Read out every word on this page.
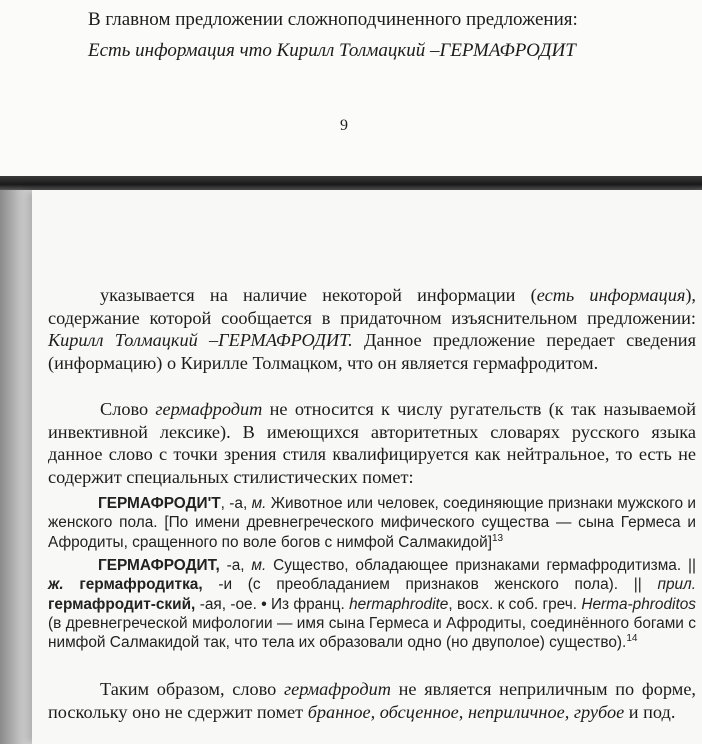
В главном предложении сложноподчиненного предложения:
Есть информация что Кирилл Толмацкий –ГЕРМАФРОДИТ
9

указывается на наличие некоторой информации (есть информация), содержание которой сообщается в придаточном изъяснительном предложении: Кирилл Толмацкий –ГЕРМАФРОДИТ. Данное предложение передает сведения (информацию) о Кирилле Толмацком, что он является гермафродитом.

Слово гермафродит не относится к числу ругательств (к так называемой инвективной лексике). В имеющихся авторитетных словарях русского языка данное слово с точки зрения стиля квалифицируется как нейтральное, то есть не содержит специальных стилистических помет:

ГЕРМАФРОДИ'Т, -а, м. Животное или человек, соединяющие признаки мужского и женского пола. [По имени древнегреческого мифического существа — сына Гермеса и Афродиты, сращенного по воле богов с нимфой Салмакидой]$^{13}$

ГЕРМАФРОДИТ, -а, м. Существо, обладающее признаками гермафродитизма. || ж. гермафродитка, -и (с преобладанием признаков женского пола). || прил. гермафродит-ский, -ая, -ое. • Из франц. hermaphrodite, восх. к соб. греч. Herma-phroditos (в древнегреческой мифологии — имя сына Гермеса и Афродиты, соединённого богами с нимфой Салмакидой так, что тела их образовали одно (но двуполое) существо).$^{14}$

Таким образом, слово гермафродит не является неприличным по форме, поскольку оно не сдержит помет бранное, обсценное, неприличное, грубое и под.
